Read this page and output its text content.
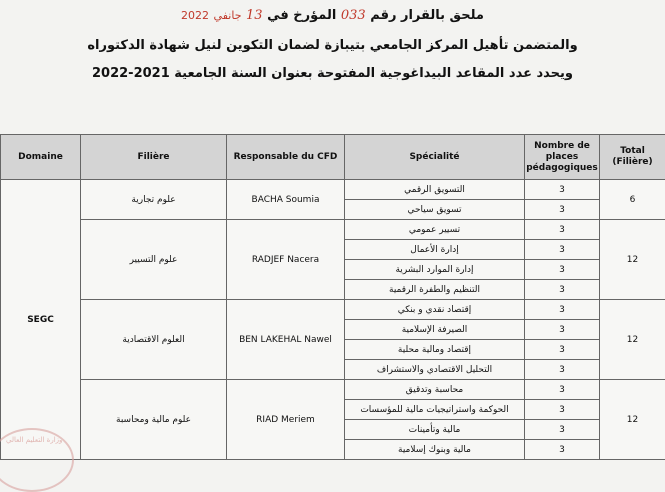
ملحق بالقرار رقم 033 المؤرخ في 13 جانفي 2022
والمتضمن تأهيل المركز الجامعي بتيبازة لضمان التكوين لنيل شهادة الدكتوراه
ويحدد عدد المقاعد البيداغوجية المفتوحة بعنوان السنة الجامعية 2021-2022
Domaine	Filière	Responsable du CFD	Spécialité	Nombre de places pédagogiques	Total (Filière)
SEGC	علوم تجارية	BACHA Soumia	التسويق الرقمي	3	6
			تسويق سياحي	3	
	علوم التسيير	RADJEF Nacera	تسيير عمومي	3	12
			إدارة الأعمال	3	
			إدارة الموارد البشرية	3	
			التنظيم والطفرة الرقمية	3	
	العلوم الاقتصادية	BEN LAKEHAL Nawel	إقتصاد نقدي و بنكي	3	12
			الصيرفة الإسلامية	3	
			إقتصاد ومالية محلية	3	
			التحليل الاقتصادي والاستشراف	3	
	علوم مالية ومحاسبة	RIAD Meriem	محاسبة وتدقيق	3	12
			الحوكمة واستراتيجيات مالية للمؤسسات	3	
			مالية وتأمينات	3	
			مالية وبنوك إسلامية	3	
وزارة التعليم العالي
